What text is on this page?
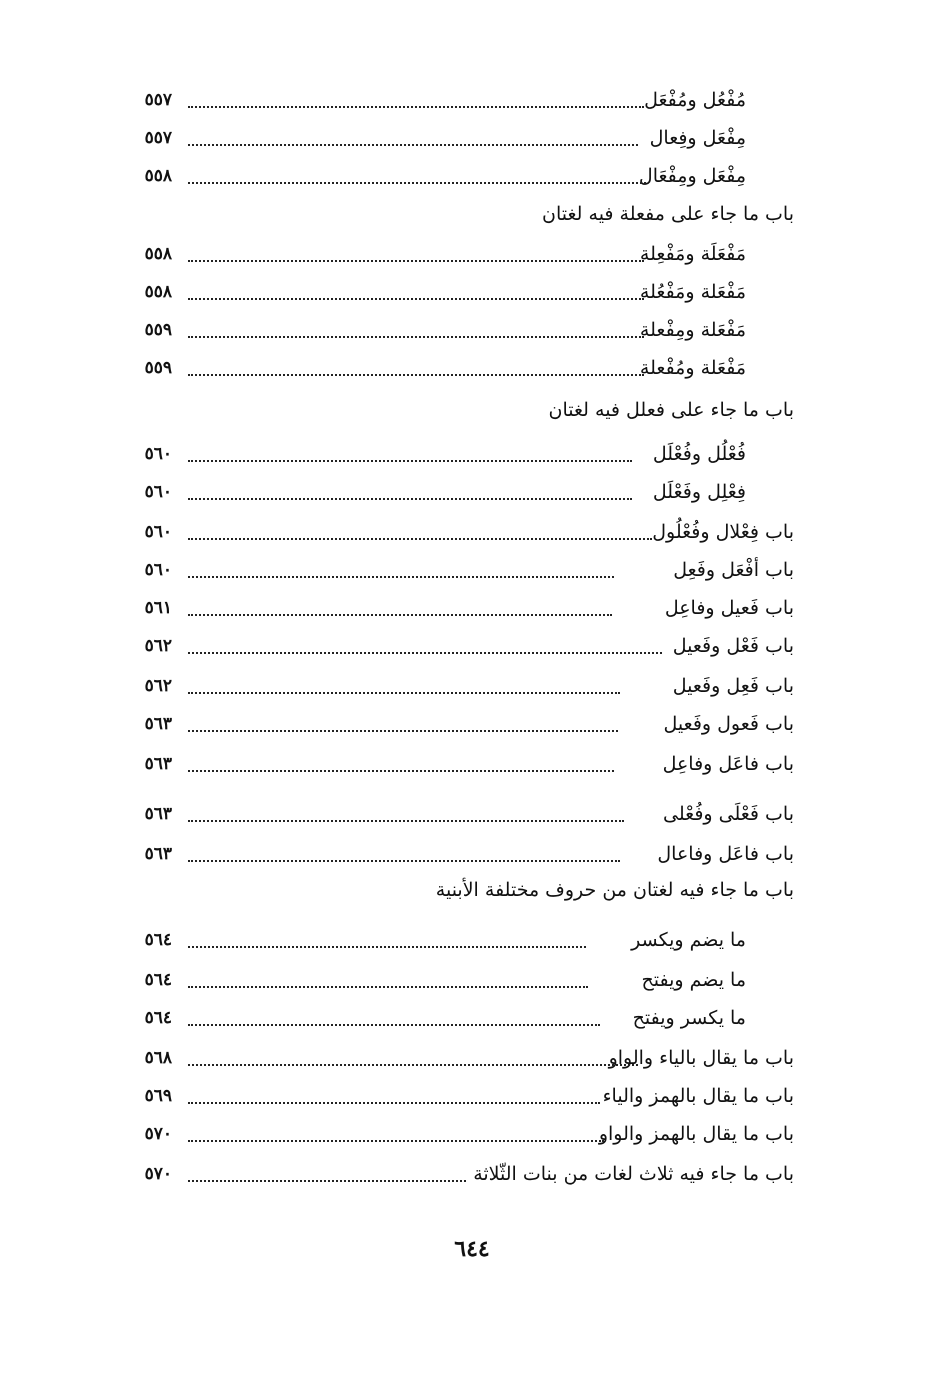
مُفْعُل ومُفْعَل
٥٥٧
مِفْعَل وفِعال
٥٥٧
مِفْعَل ومِفْعَال
٥٥٨
باب ما جاء على مفعلة فيه لغتان
مَفْعَلَة ومَفْعِلة
٥٥٨
مَفْعَلة ومَفْعُلة
٥٥٨
مَفْعَلة ومِفْعلة
٥٥٩
مَفْعَلة ومُفْعلة
٥٥٩
باب ما جاء على فعلل فيه لغتان
فُعْلُل وفُعْلَل
٥٦٠
فِعْلِل وفَعْلَل
٥٦٠
باب فِعْلال وفُعْلُول
٥٦٠
باب أفْعَل وفَعِل
٥٦٠
باب فَعيل وفاعِل
٥٦١
باب فَعْل وفَعيل
٥٦٢
باب فَعِل وفَعيل
٥٦٢
باب فَعول وفَعيل
٥٦٣
باب فاعَل وفاعِل
٥٦٣
باب فَعْلَى وفُعْلى
٥٦٣
باب فاعَل وفاعال
٥٦٣
باب ما جاء فيه لغتان من حروف مختلفة الأبنية
ما يضم ويكسر
٥٦٤
ما يضم ويفتح
٥٦٤
ما يكسر ويفتح
٥٦٤
باب ما يقال بالياء والواو
٥٦٨
باب ما يقال بالهمز والياء
٥٦٩
باب ما يقال بالهمز والواو
٥٧٠
باب ما جاء فيه ثلاث لغات من بنات الثّلاثة
٥٧٠
٦٤٤
